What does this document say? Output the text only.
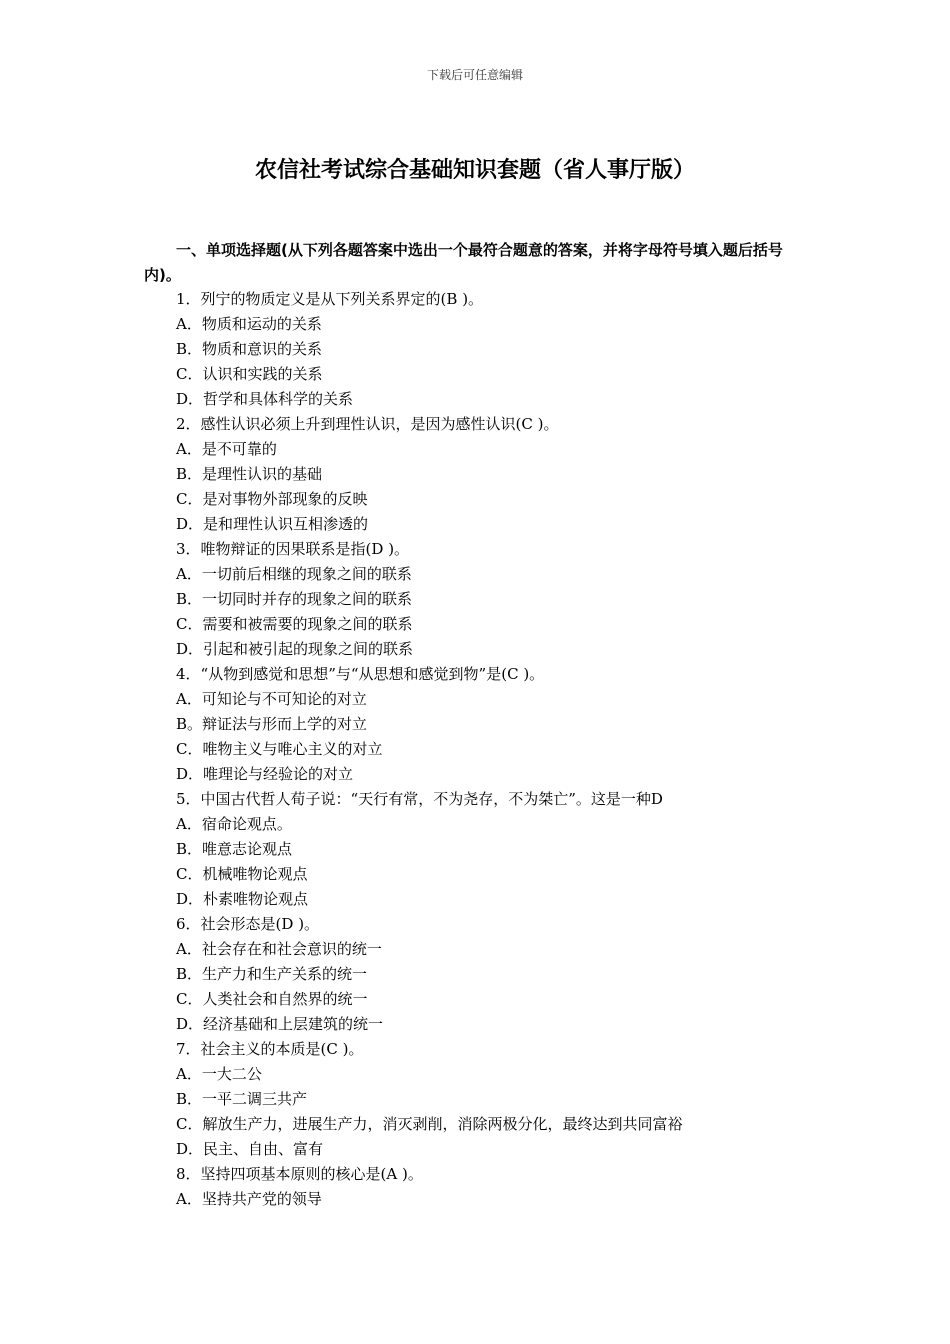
下载后可任意编辑
农信社考试综合基础知识套题（省人事厅版）
一、单项选择题(从下列各题答案中选出一个最符合题意的答案，并将字母符号填入题后括号内)。
1．列宁的物质定义是从下列关系界定的(B )。
A．物质和运动的关系
B．物质和意识的关系
C．认识和实践的关系
D．哲学和具体科学的关系
2．感性认识必须上升到理性认识，是因为感性认识(C )。
A．是不可靠的
B．是理性认识的基础
C．是对事物外部现象的反映
D．是和理性认识互相渗透的
3．唯物辩证的因果联系是指(D )。
A．一切前后相继的现象之间的联系
B．一切同时并存的现象之间的联系
C．需要和被需要的现象之间的联系
D．引起和被引起的现象之间的联系
4．“从物到感觉和思想”与“从思想和感觉到物”是(C )。
A．可知论与不可知论的对立
B。辩证法与形而上学的对立
C．唯物主义与唯心主义的对立
D．唯理论与经验论的对立
5．中国古代哲人荀子说：“天行有常，不为尧存，不为桀亡”。这是一种D
A．宿命论观点。
B．唯意志论观点
C．机械唯物论观点
D．朴素唯物论观点
6．社会形态是(D )。
A．社会存在和社会意识的统一
B．生产力和生产关系的统一
C．人类社会和自然界的统一
D．经济基础和上层建筑的统一
7．社会主义的本质是(C )。
A．一大二公
B．一平二调三共产
C．解放生产力，进展生产力，消灭剥削，消除两极分化，最终达到共同富裕
D．民主、自由、富有
8．坚持四项基本原则的核心是(A )。
A．坚持共产党的领导
